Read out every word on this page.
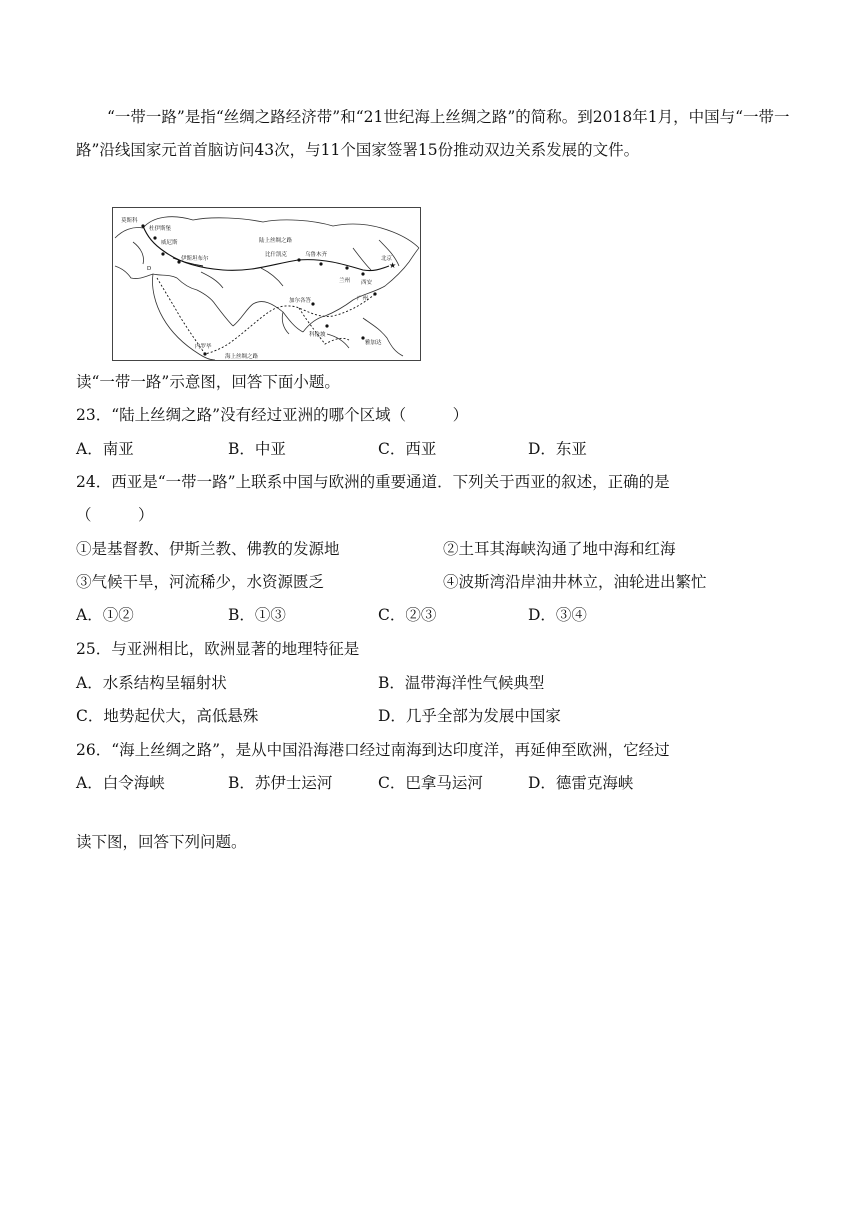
“一带一路”是指“丝绸之路经济带”和“21世纪海上丝绸之路”的简称。到2018年1月，中国与“一带一路”沿线国家元首首脑访问43次，与11个国家签署15份推动双边关系发展的文件。

★
莫斯科
杜伊斯堡
威尼斯
伊斯坦布尔
陆上丝绸之路
比什凯克	乌鲁木齐
兰州 西安
北京
加尔各答	广州
内罗毕
科伦坡
雅加达
海上丝绸之路
D
读“一带一路”示意图，回答下面小题。
23．“陆上丝绸之路”没有经过亚洲的哪个区域（　　　）
A．南亚	B．中亚	C．西亚	D．东亚
24．西亚是“一带一路”上联系中国与欧洲的重要通道．下列关于西亚的叙述，正确的是
（　　　）
①是基督教、伊斯兰教、佛教的发源地	②土耳其海峡沟通了地中海和红海
③气候干旱，河流稀少，水资源匮乏	④波斯湾沿岸油井林立，油轮进出繁忙
A．①②	B．①③	C．②③	D．③④
25．与亚洲相比，欧洲显著的地理特征是
A．水系结构呈辐射状	B．温带海洋性气候典型
C．地势起伏大，高低悬殊	D．几乎全部为发展中国家
26．“海上丝绸之路”，是从中国沿海港口经过南海到达印度洋，再延伸至欧洲，它经过
A．白令海峡	B．苏伊士运河	C．巴拿马运河	D．德雷克海峡
读下图，回答下列问题。
